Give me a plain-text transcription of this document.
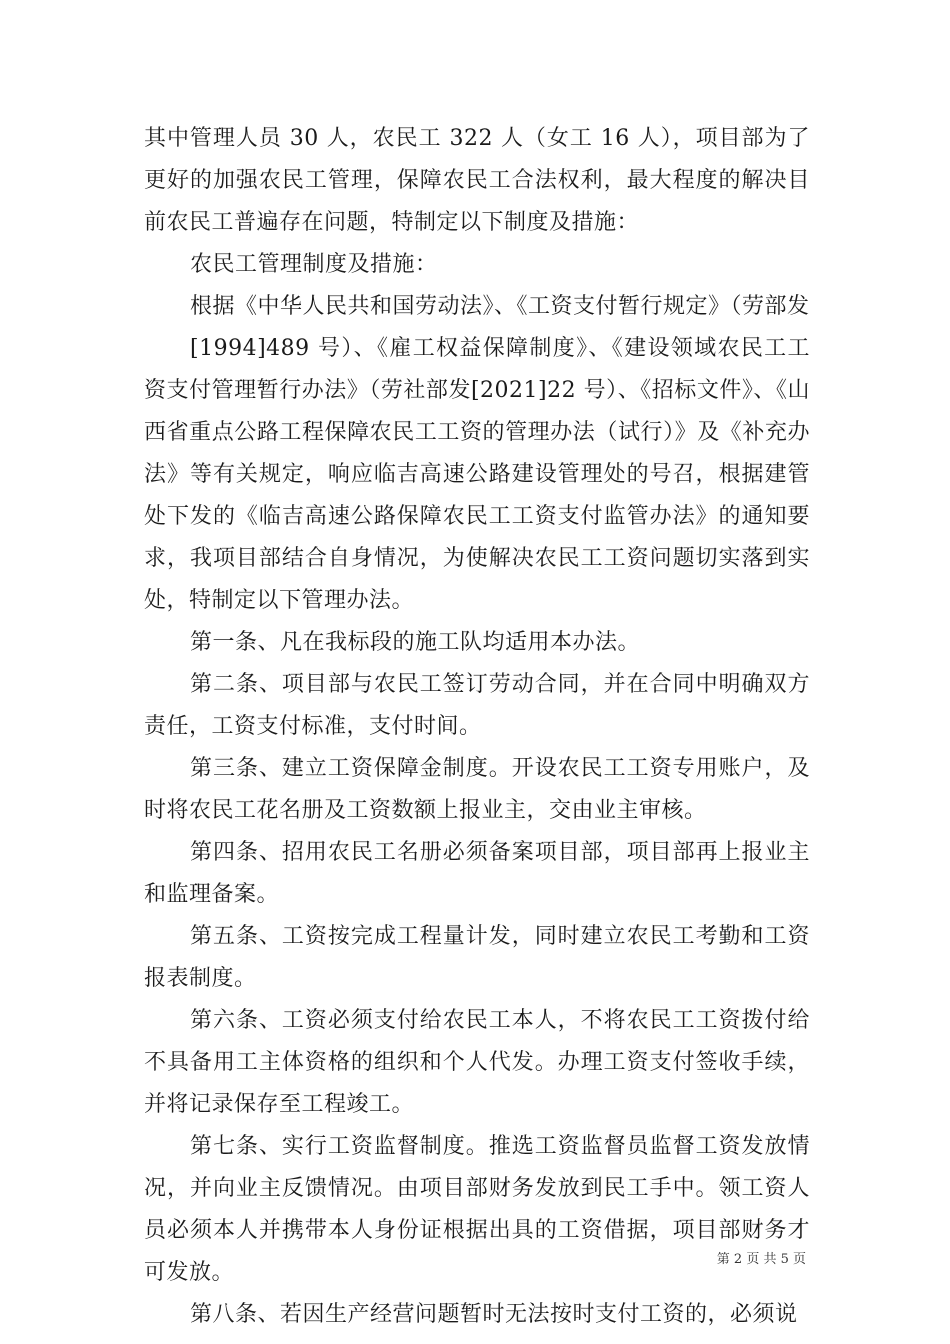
其中管理人员 30 人，农民工 322 人（女工 16 人），项目部为了更好的加强农民工管理，保障农民工合法权利，最大程度的解决目前农民工普遍存在问题，特制定以下制度及措施：

农民工管理制度及措施：

根据《中华人民共和国劳动法》、《工资支付暂行规定》（劳部发

[1994]489 号）、《雇工权益保障制度》、《建设领域农民工工资支付管理暂行办法》（劳社部发[2021]22 号）、《招标文件》、《山西省重点公路工程保障农民工工资的管理办法（试行）》及《补充办法》等有关规定，响应临吉高速公路建设管理处的号召，根据建管处下发的《临吉高速公路保障农民工工资支付监管办法》的通知要求，我项目部结合自身情况，为使解决农民工工资问题切实落到实处，特制定以下管理办法。

第一条、凡在我标段的施工队均适用本办法。

第二条、项目部与农民工签订劳动合同，并在合同中明确双方责任，工资支付标准，支付时间。

第三条、建立工资保障金制度。开设农民工工资专用账户，及时将农民工花名册及工资数额上报业主，交由业主审核。

第四条、招用农民工名册必须备案项目部，项目部再上报业主和监理备案。

第五条、工资按完成工程量计发，同时建立农民工考勤和工资报表制度。

第六条、工资必须支付给农民工本人，不将农民工工资拨付给不具备用工主体资格的组织和个人代发。办理工资支付签收手续，并将记录保存至工程竣工。

第七条、实行工资监督制度。推选工资监督员监督工资发放情况，并向业主反馈情况。由项目部财务发放到民工手中。领工资人员必须本人并携带本人身份证根据出具的工资借据，项目部财务才可发放。

第八条、若因生产经营问题暂时无法按时支付工资的，必须说

第 2 页 共 5 页
